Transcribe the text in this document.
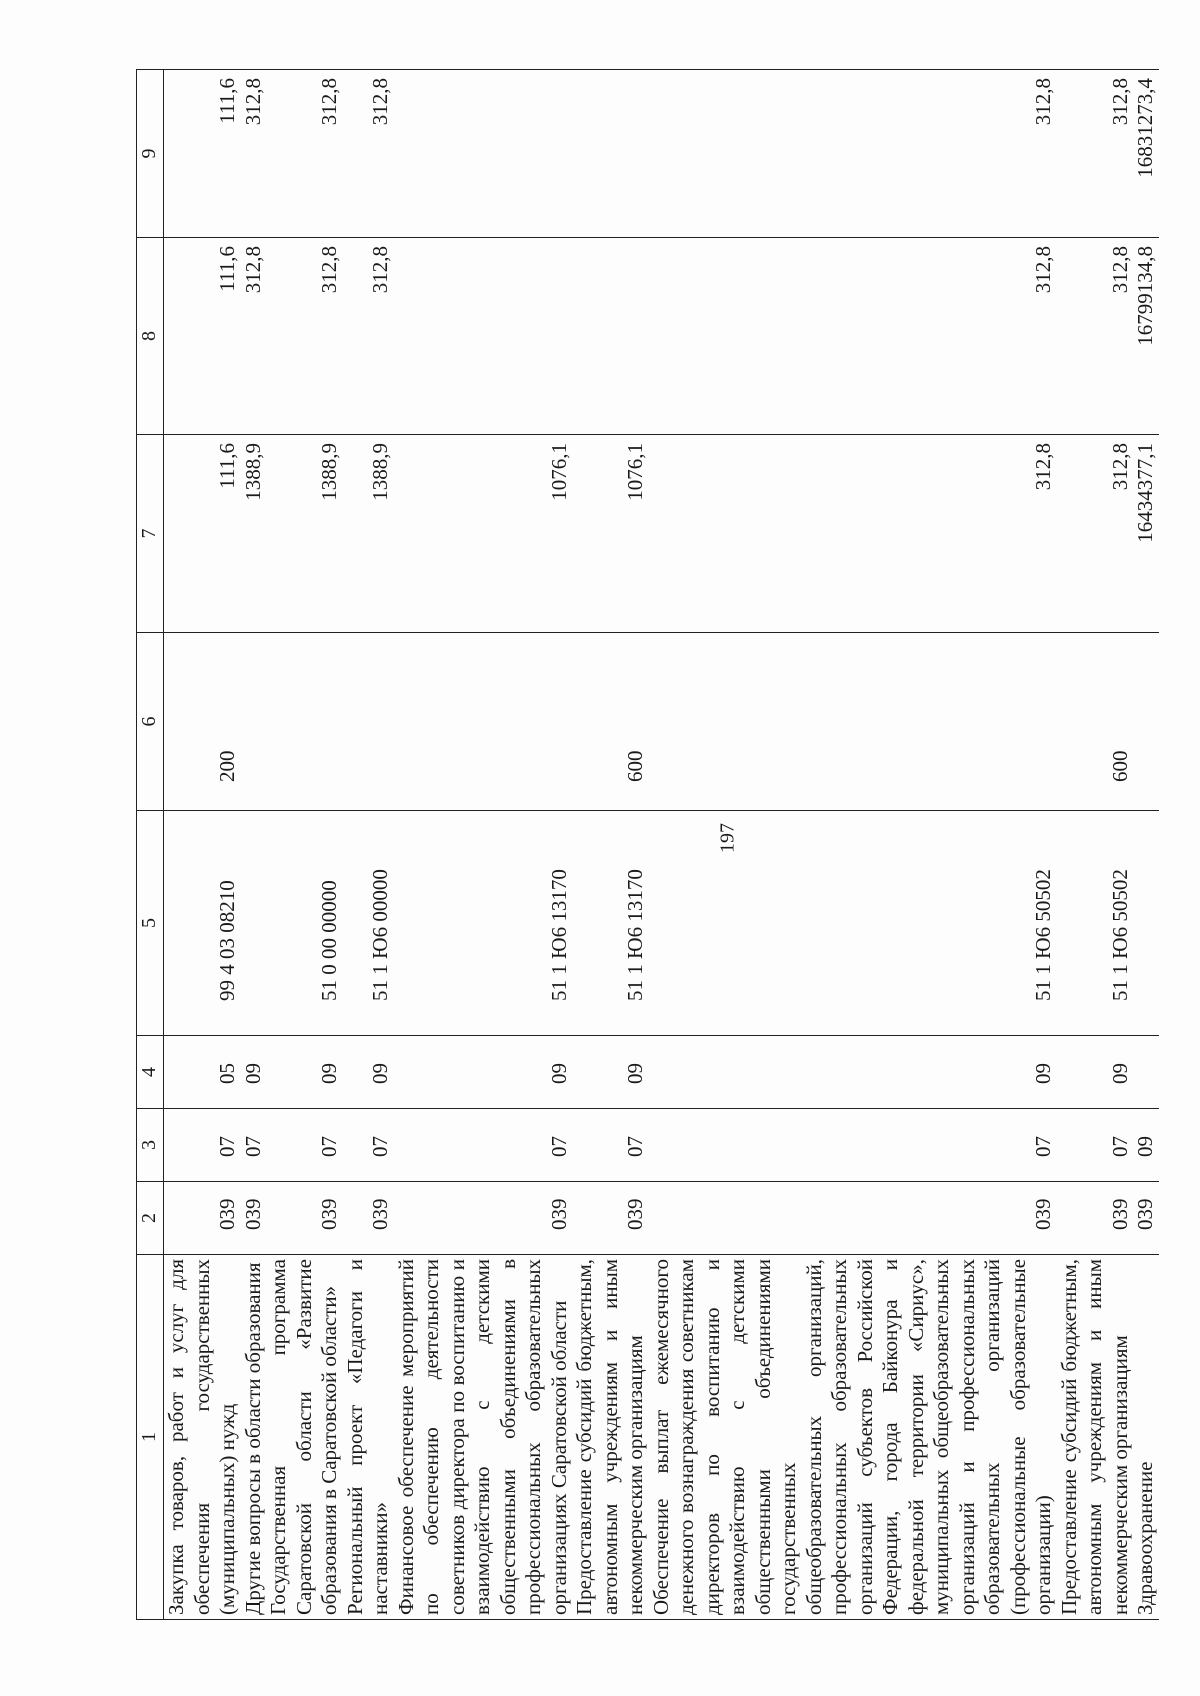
197
1	2	3	4	5	6	7	8	9

Закупка товаров, работ и услуг для обеспечения государственных (муниципальных) нужд	039	07	05	99 4 03 08210	200	111,6	111,6	111,6

Другие вопросы в области образования	039	07	09			1388,9	312,8	312,8

Государственная программа Саратовской области «Развитие образования в Саратовской области»	039	07	09	51 0 00 00000		1388,9	312,8	312,8

Региональный проект «Педагоги и наставники»	039	07	09	51 1 Ю6 00000		1388,9	312,8	312,8

Финансовое обеспечение мероприятий по обеспечению деятельности советников директора по воспитанию и взаимодействию с детскими общественными объединениями в профессиональных образовательных организациях Саратовской области	039	07	09	51 1 Ю6 13170		1076,1		

Предоставление субсидий бюджетным, автономным учреждениям и иным некоммерческим организациям	039	07	09	51 1 Ю6 13170	600	1076,1		

Обеспечение выплат ежемесячного денежного вознаграждения советникам директоров по воспитанию и взаимодействию с детскими общественными объединениями государственных общеобразовательных организаций, профессиональных образовательных организаций субъектов Российской Федерации, города Байконура и федеральной территории «Сириус», муниципальных общеобразовательных организаций и профессиональных образовательных организаций (профессиональные образовательные организации)	039	07	09	51 1 Ю6 50502		312,8	312,8	312,8

Предоставление субсидий бюджетным, автономным учреждениям и иным некоммерческим организациям	039	07	09	51 1 Ю6 50502	600	312,8	312,8	312,8

Здравоохранение	039	09				16434377,1	16799134,8	16831273,4
